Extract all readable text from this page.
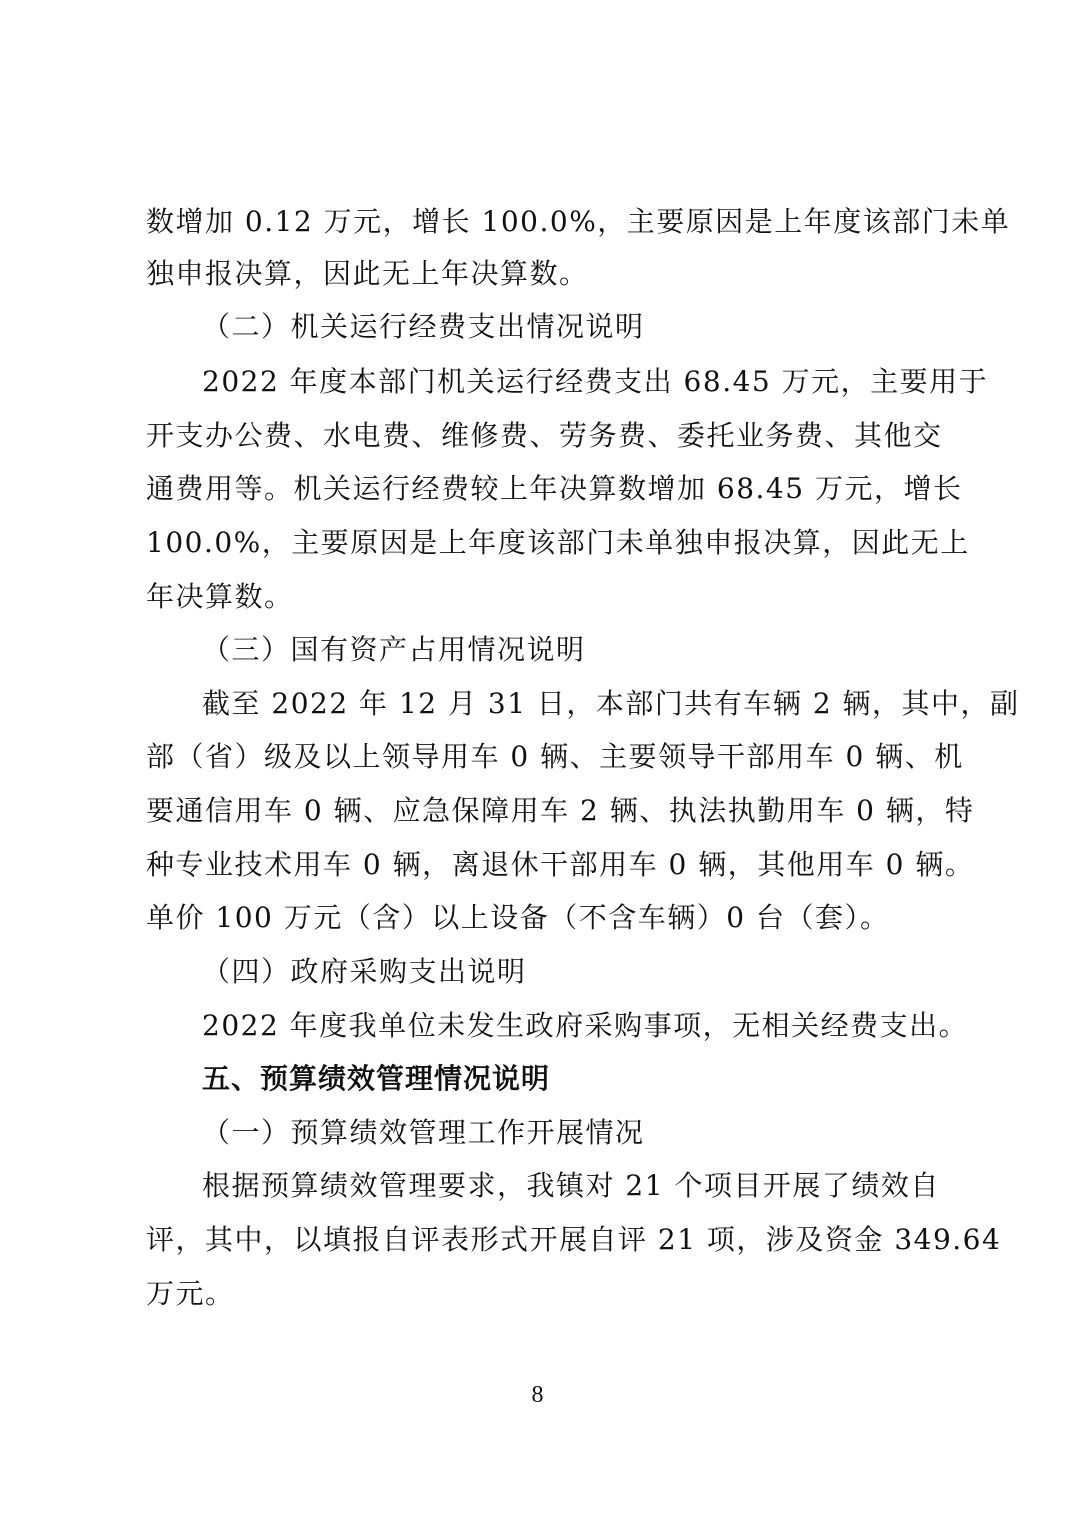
数增加 0.12 万元，增长 100.0%，主要原因是上年度该部门未单
独申报决算，因此无上年决算数。
（二）机关运行经费支出情况说明
2022 年度本部门机关运行经费支出 68.45 万元，主要用于
开支办公费、水电费、维修费、劳务费、委托业务费、其他交
通费用等。机关运行经费较上年决算数增加 68.45 万元，增长
100.0%，主要原因是上年度该部门未单独申报决算，因此无上
年决算数。
（三）国有资产占用情况说明
截至 2022 年 12 月 31 日，本部门共有车辆 2 辆，其中，副
部（省）级及以上领导用车 0 辆、主要领导干部用车 0 辆、机
要通信用车 0 辆、应急保障用车 2 辆、执法执勤用车 0 辆，特
种专业技术用车 0 辆，离退休干部用车 0 辆，其他用车 0 辆。
单价 100 万元（含）以上设备（不含车辆）0 台（套）。
（四）政府采购支出说明
2022 年度我单位未发生政府采购事项，无相关经费支出。
五、预算绩效管理情况说明
（一）预算绩效管理工作开展情况
根据预算绩效管理要求，我镇对 21 个项目开展了绩效自
评，其中，以填报自评表形式开展自评 21 项，涉及资金 349.64
万元。
8
